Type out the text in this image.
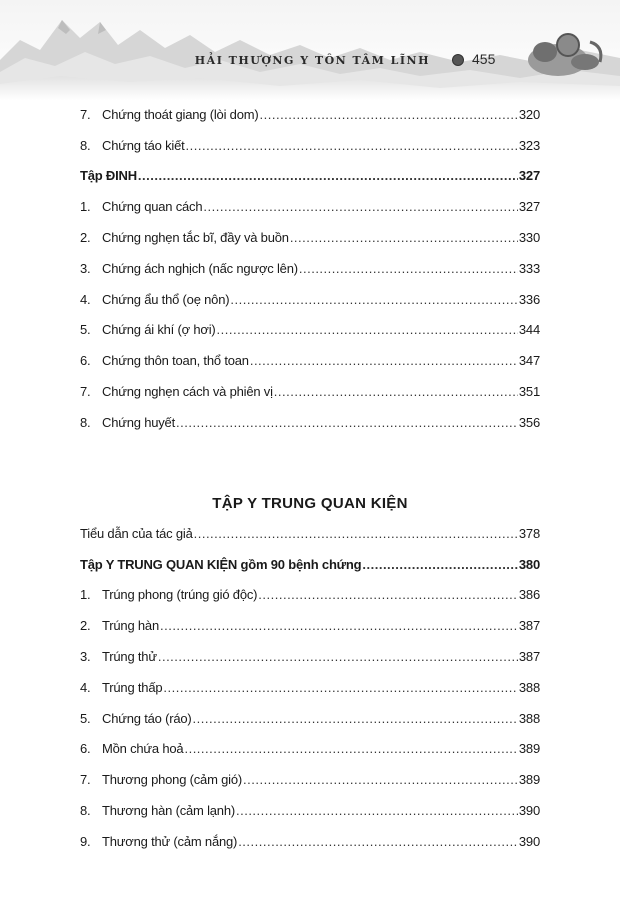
HẢI THƯỢNG Y TÔN TÂM LĨNH	455
7. Chứng thoát giang (lòi dom) .....	320
8. Chứng táo kiết .....	323
Tập ĐINH .....	327
1. Chứng quan cách .....	327
2. Chứng nghẹn tắc bĩ, đầy và buồn .....	330
3. Chứng ách nghịch (nấc ngược lên) .....	333
4. Chứng ẩu thổ (oẹ nôn) .....	336
5. Chứng ái khí (ợ hơi) .....	344
6. Chứng thôn toan, thổ toan .....	347
7. Chứng nghẹn cách và phiên vị .....	351
8. Chứng huyết .....	356
TẬP Y TRUNG QUAN KIỆN
Tiểu dẫn của tác giả .....	378
Tập Y TRUNG QUAN KIỆN gồm 90 bệnh chứng .....	380
1. Trúng phong (trúng gió độc) .....	386
2. Trúng hàn .....	387
3. Trúng thử .....	387
4. Trúng thấp .....	388
5. Chứng táo (ráo) .....	388
6. Mồn chứa hoả .....	389
7. Thương phong (cảm gió) .....	389
8. Thương hàn (cảm lạnh) .....	390
9. Thương thử (cảm nắng) .....	390
